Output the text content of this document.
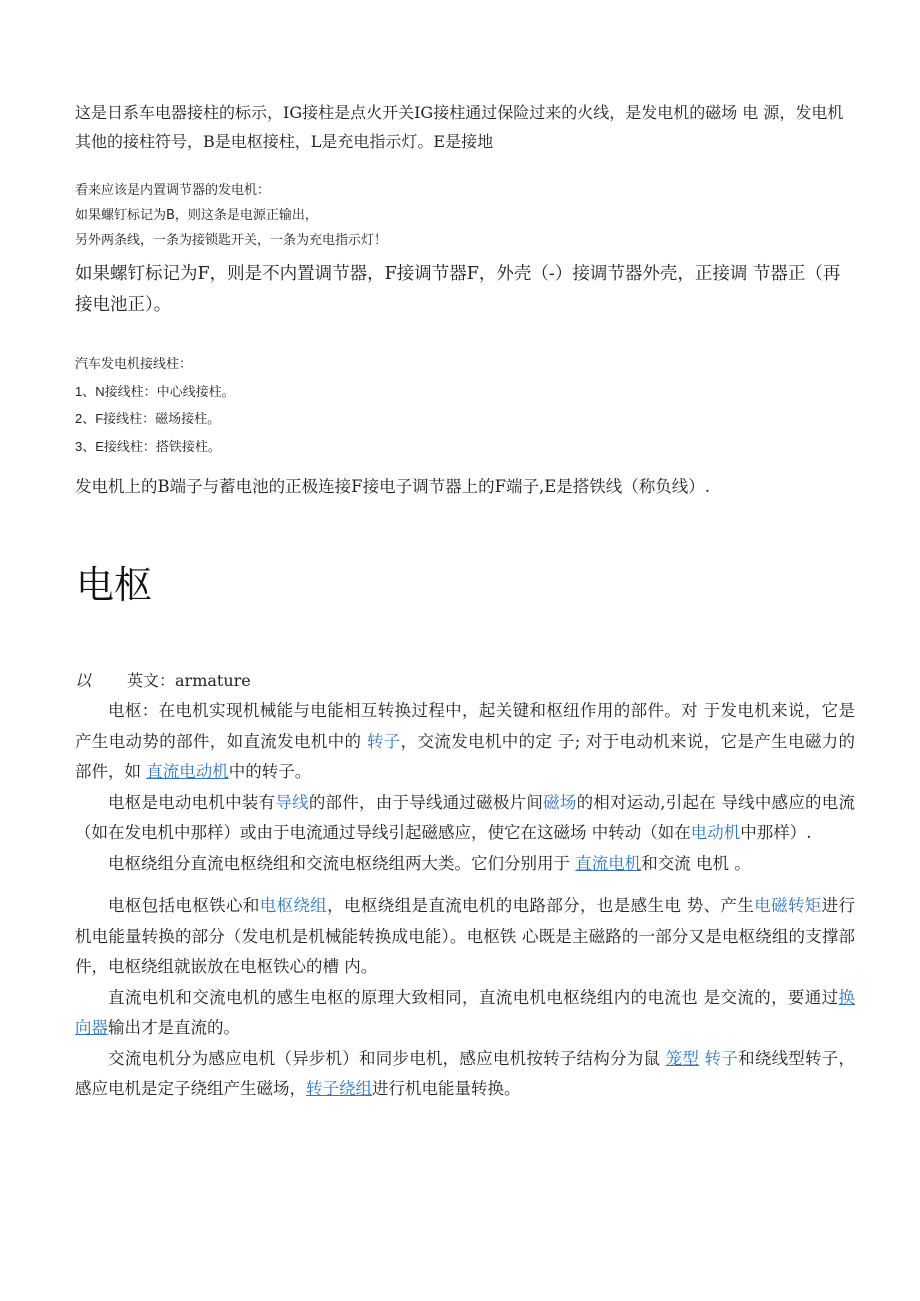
这是日系车电器接柱的标示，IG接柱是点火开关IG接柱通过保险过来的火线，是发电机的磁场 电 源，发电机其他的接柱符号，B是电枢接柱，L是充电指示灯。E是接地

看来应该是内置调节器的发电机：

如果螺钉标记为B，则这条是电源正输出，

另外两条线，一条为接锁匙开关，一条为充电指示灯！

如果螺钉标记为F，则是不内置调节器，F接调节器F，外壳（-）接调节器外壳，正接调 节器正（再接电池正）。

汽车发电机接线柱：

1、N接线柱：中心线接柱。

2、F接线柱：磁场接柱。

3、E接线柱：搭铁接柱。

发电机上的B端子与蓄电池的正极连接F接电子调节器上的F端子,E是搭铁线（称负线）.

电枢
以 英文：armature

电枢：在电机实现机械能与电能相互转换过程中，起关键和枢纽作用的部件。对 于发电机来说，它是产生电动势的部件，如直流发电机中的 转子，交流发电机中的定 子; 对于电动机来说，它是产生电磁力的部件，如 直流电动机中的转子。

电枢是电动电机中装有导线的部件，由于导线通过磁极片间磁场的相对运动,引起在 导线中感应的电流（如在发电机中那样）或由于电流通过导线引起磁感应，使它在这磁场 中转动（如在电动机中那样）.

电枢绕组分直流电枢绕组和交流电枢绕组两大类。它们分别用于 直流电机和交流 电机 。

电枢包括电枢铁心和电枢绕组，电枢绕组是直流电机的电路部分，也是感生电 势、产生电磁转矩进行机电能量转换的部分（发电机是机械能转换成电能）。电枢铁 心既是主磁路的一部分又是电枢绕组的支撑部件，电枢绕组就嵌放在电枢铁心的槽 内。

直流电机和交流电机的感生电枢的原理大致相同，直流电机电枢绕组内的电流也 是交流的，要通过换向器输出才是直流的。

交流电机分为感应电机（异步机）和同步电机，感应电机按转子结构分为鼠 笼型 转子和绕线型转子，感应电机是定子绕组产生磁场，转子绕组进行机电能量转换。
